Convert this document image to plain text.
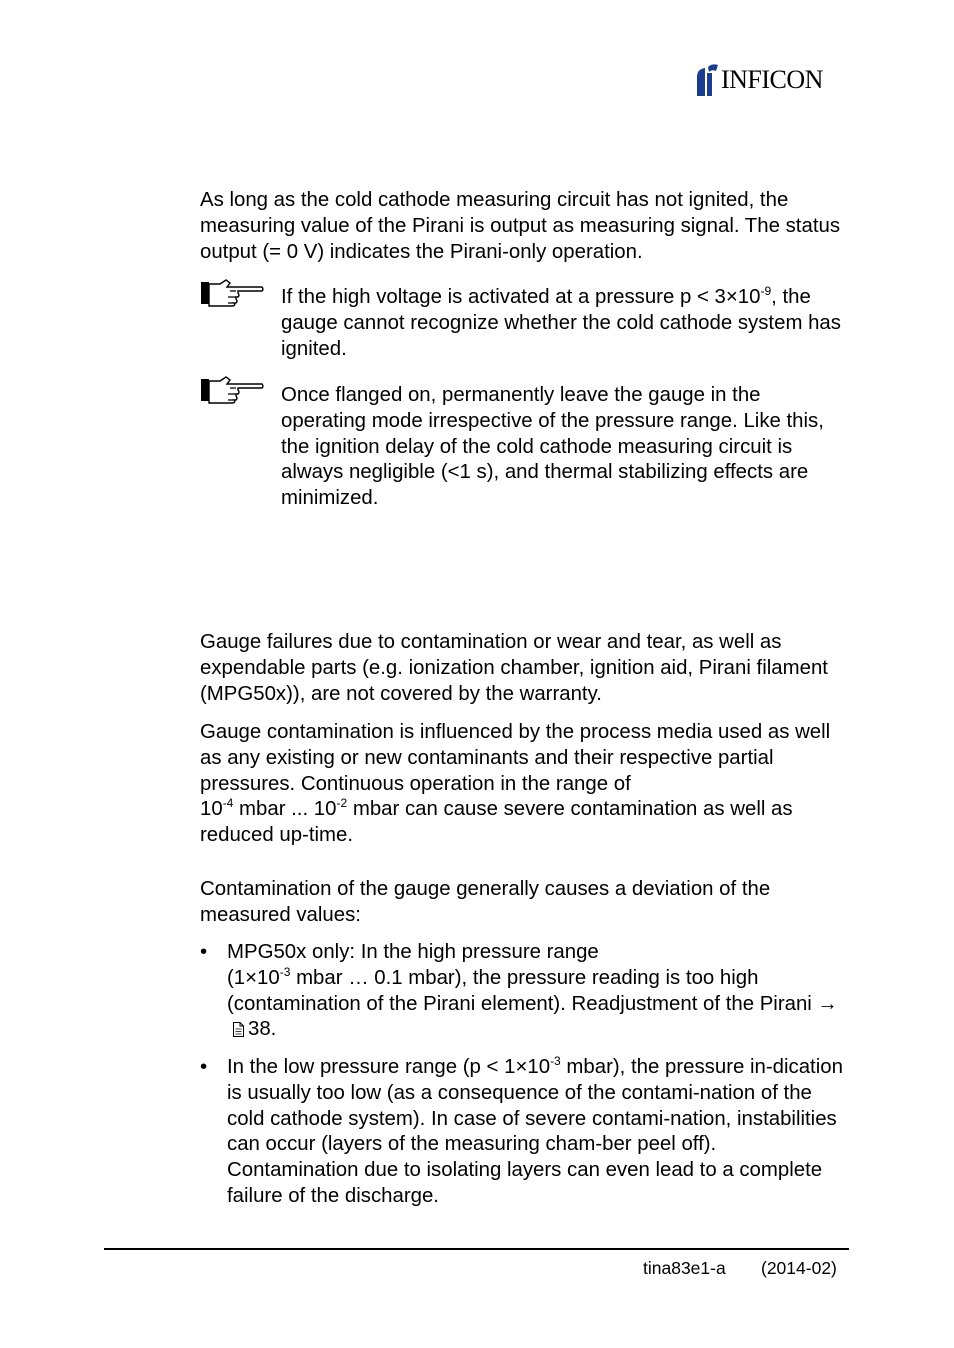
INFICON

As long as the cold cathode measuring circuit has not ignited, the measuring value of the Pirani is output as measuring signal. The status output (= 0 V) indicates the Pirani-only operation.

If the high voltage is activated at a pressure $p < 3\times 10^{-9}$, the gauge cannot recognize whether the cold cathode system has ignited.
Once flanged on, permanently leave the gauge in the operating mode irrespective of the pressure range. Like this, the ignition delay of the cold cathode measuring circuit is always negligible (<1 s), and thermal stabilizing effects are minimized.

Gauge failures due to contamination or wear and tear, as well as expendable parts (e.g. ionization chamber, ignition aid, Pirani filament (MPG50x)), are not covered by the warranty.

Gauge contamination is influenced by the process media used as well as any existing or new contaminants and their respective partial pressures. Continuous operation in the range of
$10^{-4}$ mbar ... $10^{-2}$ mbar can cause severe contamination as well as reduced up-time.

Contamination of the gauge generally causes a deviation of the measured values:

• MPG50x only: In the high pressure range
($1\times 10^{-3}$ mbar … 0.1 mbar), the pressure reading is too high (contamination of the Pirani element). Readjustment of the Pirani →38.
• In the low pressure range ($p < 1\times 10^{-3}$ mbar), the pressure in-dication is usually too low (as a consequence of the contami-nation of the cold cathode system). In case of severe contami-nation, instabilities can occur (layers of the measuring cham-ber peel off). Contamination due to isolating layers can even lead to a complete failure of the discharge.
tina83e1-a (2014-02)
